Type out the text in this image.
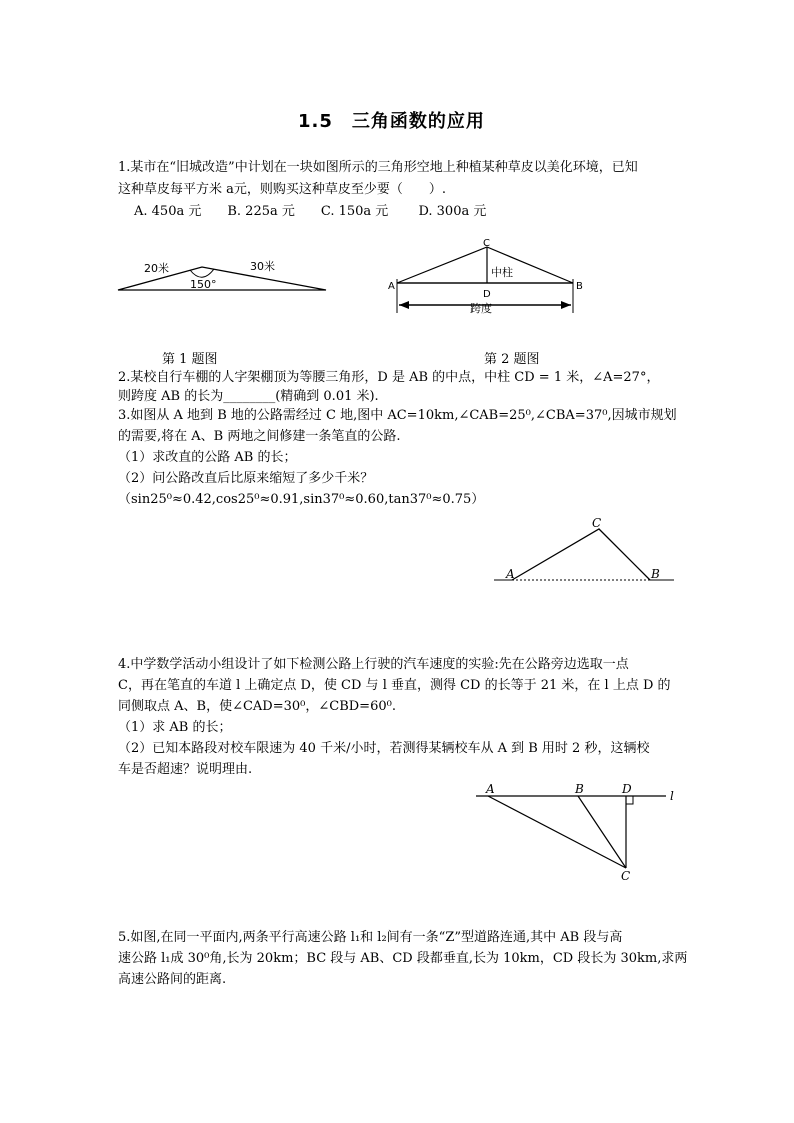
1.5　三角函数的应用
1.某市在“旧城改造”中计划在一块如图所示的三角形空地上种植某种草皮以美化环境，已知
这种草皮每平方米 a元，则购买这种草皮至少要（　　）.
A. 450a 元　　B. 225a 元　　C. 150a 元　　 D. 300a 元
20米	30米
150°
第 1 题图
C
A	B
D
中柱
跨度
第 2 题图
2.某校自行车棚的人字架棚顶为等腰三角形，D 是 AB 的中点，中柱 CD = 1 米，∠A=27°，
则跨度 AB 的长为________(精确到 0.01 米).
3.如图从 A 地到 B 地的公路需经过 C 地,图中 AC=10km,∠CAB=25⁰,∠CBA=37⁰,因城市规划
的需要,将在 A、B 两地之间修建一条笔直的公路.
（1）求改直的公路 AB 的长；
（2）问公路改直后比原来缩短了多少千米？
（sin25⁰≈0.42,cos25⁰≈0.91,sin37⁰≈0.60,tan37⁰≈0.75）
C
A	B
4.中学数学活动小组设计了如下检测公路上行驶的汽车速度的实验:先在公路旁边选取一点
C，再在笔直的车道 l 上确定点 D，使 CD 与 l 垂直，测得 CD 的长等于 21 米，在 l 上点 D 的
同侧取点 A、B，使∠CAD=30⁰，∠CBD=60⁰.
（1）求 AB 的长；
（2）已知本路段对校车限速为 40 千米/小时，若测得某辆校车从 A 到 B 用时 2 秒，这辆校
车是否超速？说明理由.
A	B	D	l
C
5.如图,在同一平面内,两条平行高速公路 l₁和 l₂间有一条“Z”型道路连通,其中 AB 段与高
速公路 l₁成 30⁰角,长为 20km；BC 段与 AB、CD 段都垂直,长为 10km，CD 段长为 30km,求两
高速公路间的距离.
